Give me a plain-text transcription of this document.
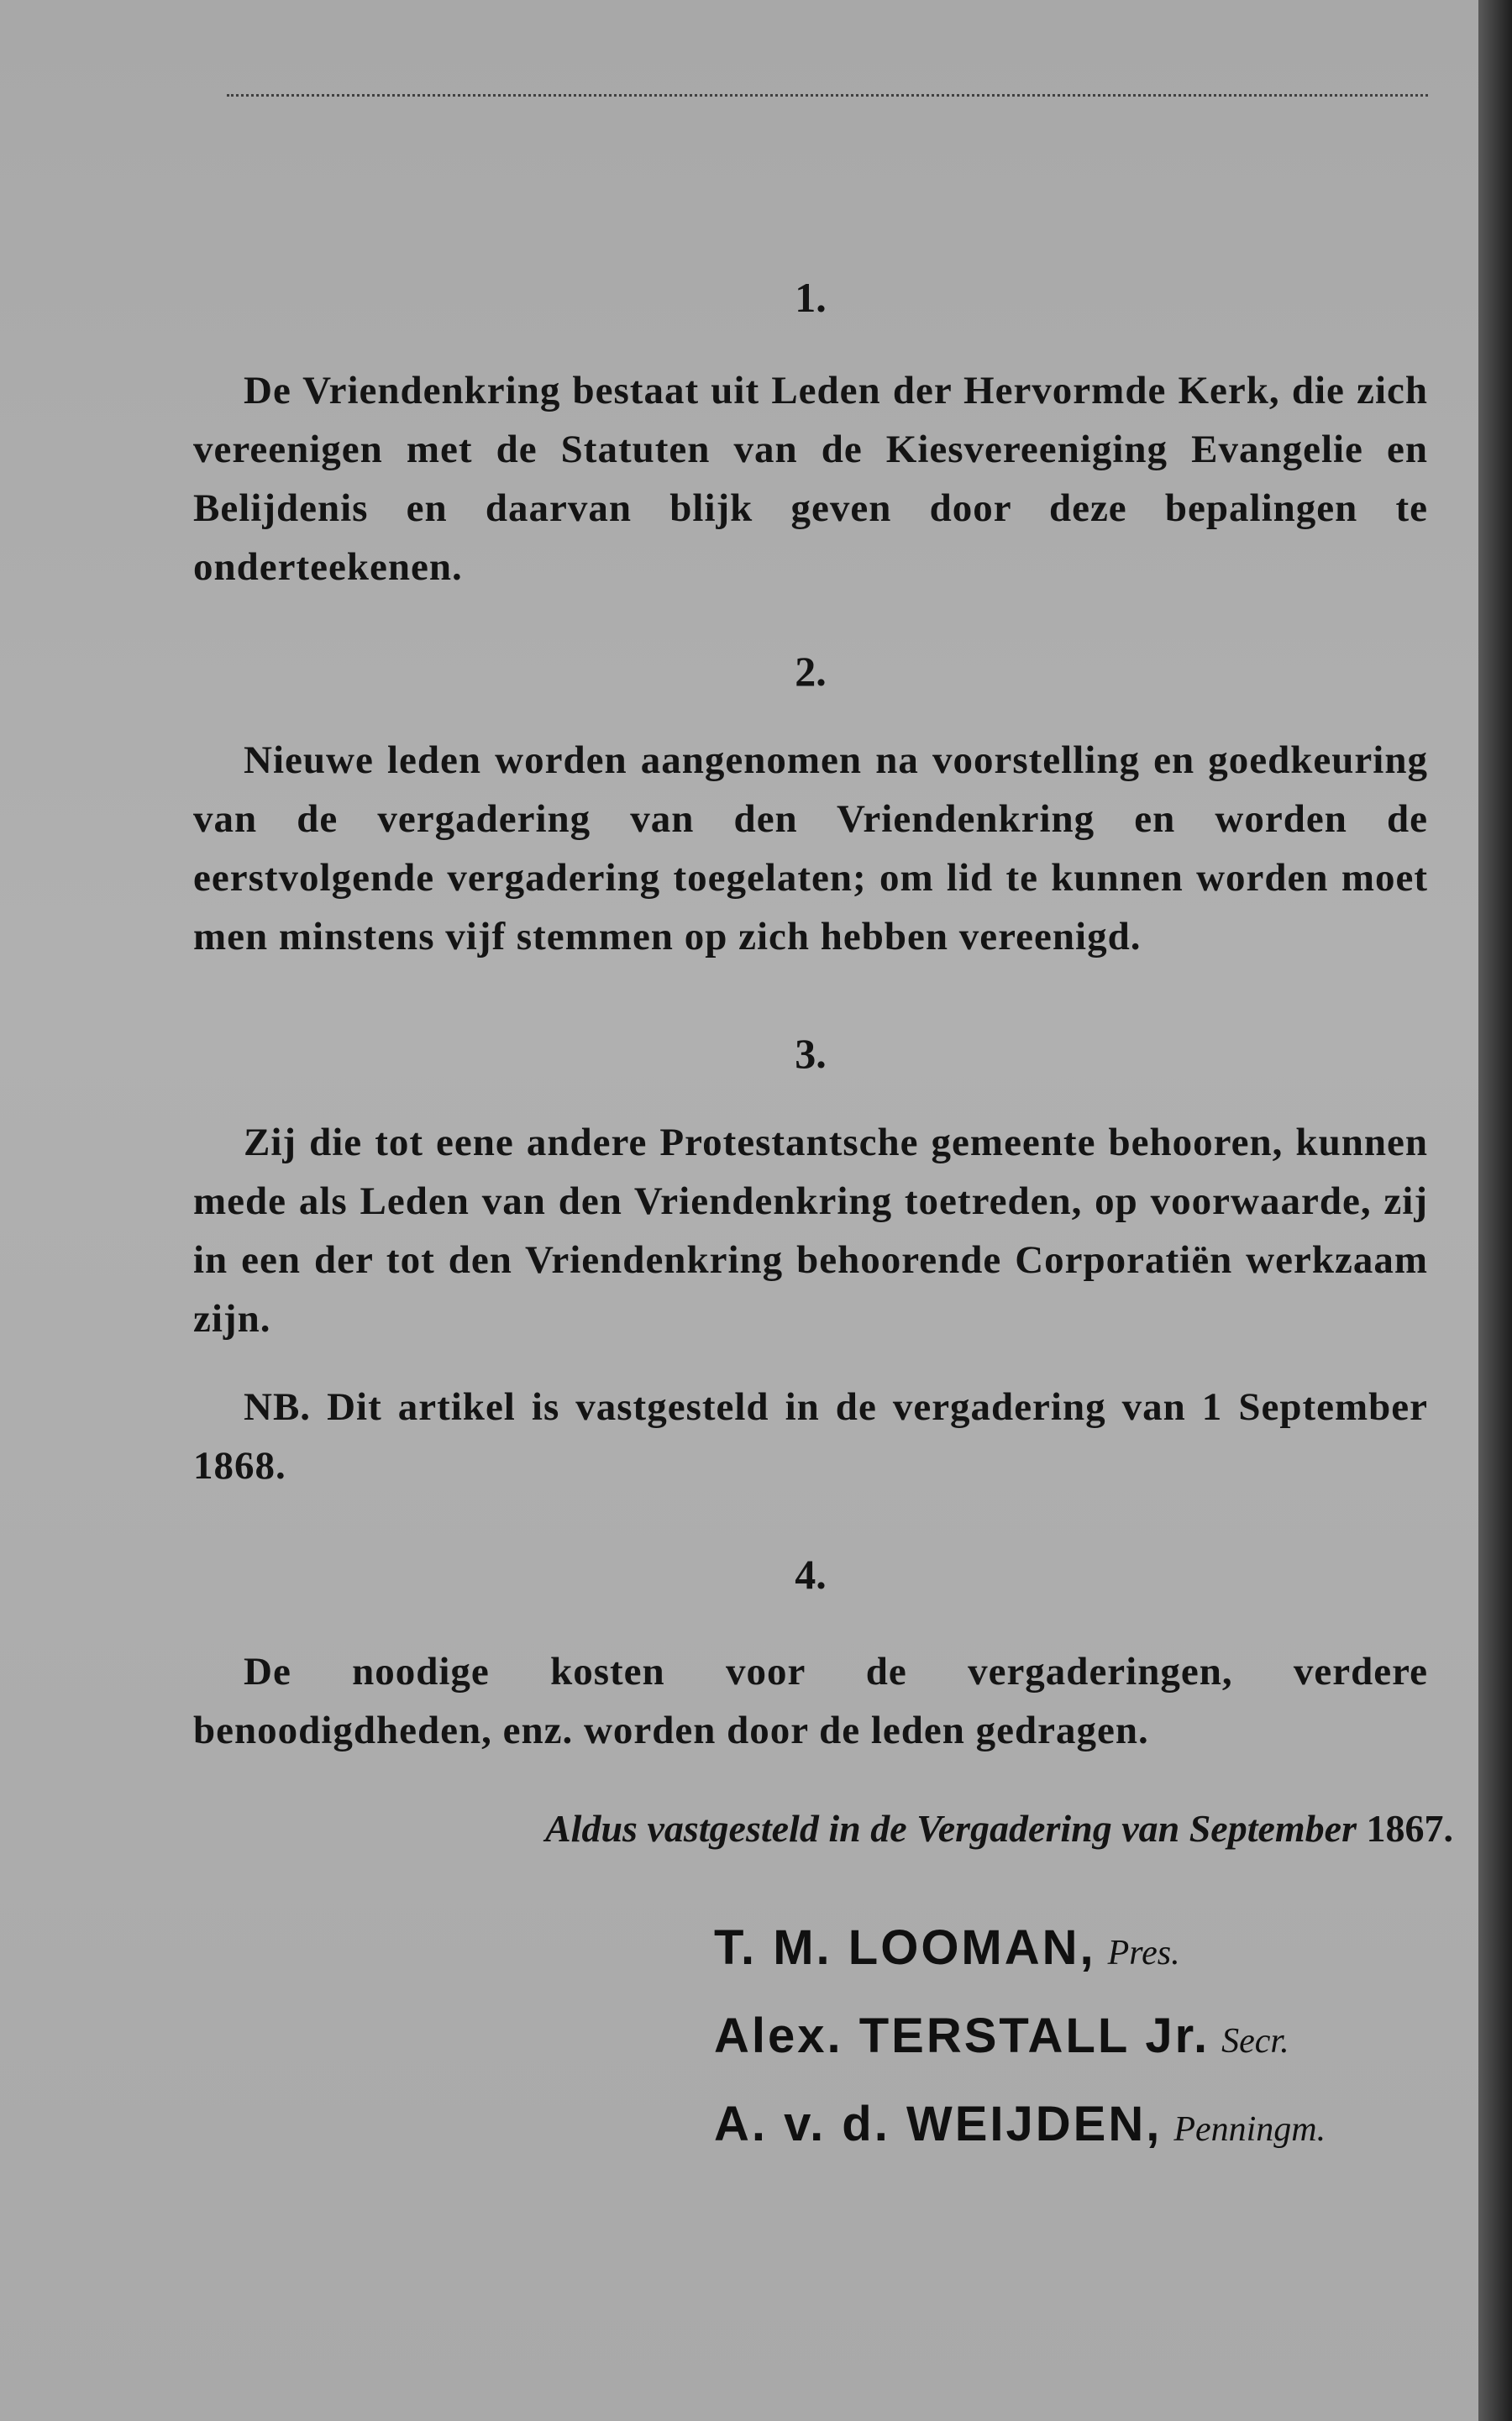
1.
De Vriendenkring bestaat uit Leden der Hervormde Kerk, die zich vereenigen met de Statuten van de Kiesvereeniging Evangelie en Belijdenis en daarvan blijk geven door deze bepalingen te onderteekenen.
2.
Nieuwe leden worden aangenomen na voorstelling en goedkeuring van de vergadering van den Vriendenkring en worden de eerstvolgende vergadering toegelaten; om lid te kunnen worden moet men minstens vijf stemmen op zich hebben vereenigd.
3.
Zij die tot eene andere Protestantsche gemeente behooren, kunnen mede als Leden van den Vriendenkring toetreden, op voorwaarde, zij in een der tot den Vriendenkring behoorende Corporatiën werkzaam zijn.
NB. Dit artikel is vastgesteld in de vergadering van 1 September 1868.
4.
De noodige kosten voor de vergaderingen, verdere benoodigdheden, enz. worden door de leden gedragen.
Aldus vastgesteld in de Vergadering van September 1867.
T. M. LOOMAN, Pres.
Alex. TERSTALL Jr. Secr.
A. v. d. WEIJDEN, Penningm.
